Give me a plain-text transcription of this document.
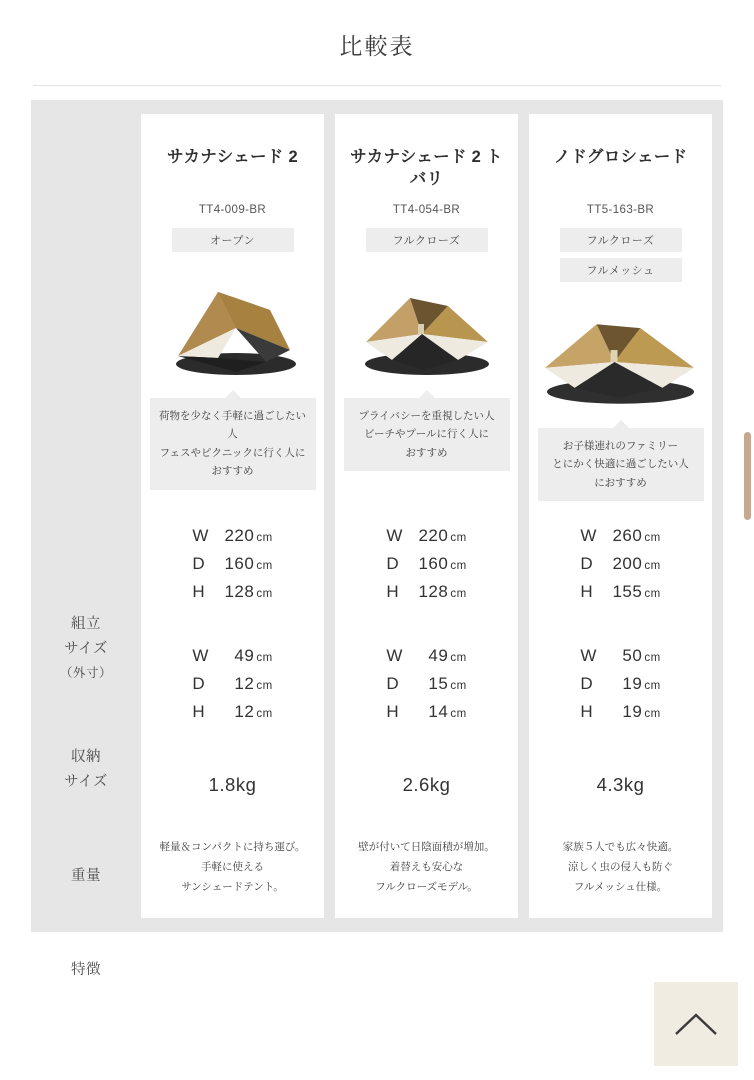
比較表
組立
サイズ
（外寸）
収納
サイズ
重量
特徴
サカナシェード 2
TT4-009-BR
オープン
荷物を少なく手軽に過ごしたい人
フェスやピクニックに行く人に
おすすめ
W 220 cm
D 160 cm
H 128 cm
W 49 cm
D 12 cm
H 12 cm
1.8kg
軽量＆コンパクトに持ち運び。
手軽に使える
サンシェードテント。
サカナシェード 2 トバリ
TT4-054-BR
フルクローズ
プライバシーを重視したい人
ビーチやプールに行く人に
おすすめ
W 220 cm
D 160 cm
H 128 cm
W 49 cm
D 15 cm
H 14 cm
2.6kg
壁が付いて日陰面積が増加。
着替えも安心な
フルクローズモデル。
ノドグロシェード
TT5-163-BR
フルクローズ
フルメッシュ
お子様連れのファミリー
とにかく快適に過ごしたい人
におすすめ
W 260 cm
D 200 cm
H 155 cm
W 50 cm
D 19 cm
H 19 cm
4.3kg
家族５人でも広々快適。
涼しく虫の侵入も防ぐ
フルメッシュ仕様。
